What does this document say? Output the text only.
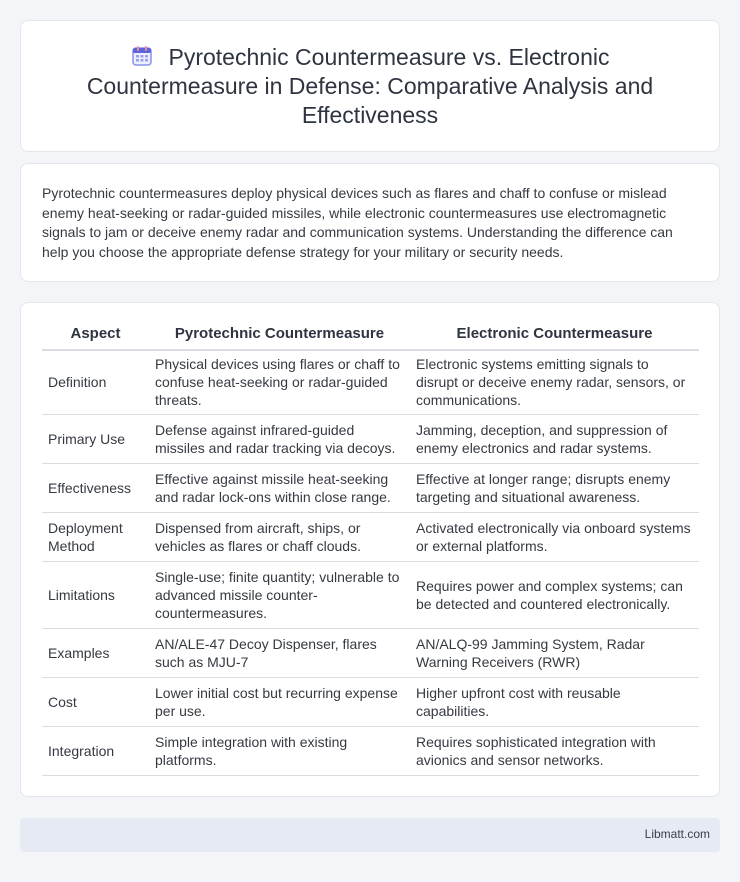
Pyrotechnic Countermeasure vs. Electronic Countermeasure in Defense: Comparative Analysis and Effectiveness

Pyrotechnic countermeasures deploy physical devices such as flares and chaff to confuse or mislead enemy heat-seeking or radar-guided missiles, while electronic countermeasures use electromagnetic signals to jam or deceive enemy radar and communication systems. Understanding the difference can help you choose the appropriate defense strategy for your military or security needs.

Aspect	Pyrotechnic Countermeasure	Electronic Countermeasure
Definition	Physical devices using flares or chaff to confuse heat-seeking or radar-guided threats.	Electronic systems emitting signals to disrupt or deceive enemy radar, sensors, or communications.
Primary Use	Defense against infrared-guided missiles and radar tracking via decoys.	Jamming, deception, and suppression of enemy electronics and radar systems.
Effectiveness	Effective against missile heat-seeking and radar lock-ons within close range.	Effective at longer range; disrupts enemy targeting and situational awareness.
Deployment Method	Dispensed from aircraft, ships, or vehicles as flares or chaff clouds.	Activated electronically via onboard systems or external platforms.
Limitations	Single-use; finite quantity; vulnerable to advanced missile counter-countermeasures.	Requires power and complex systems; can be detected and countered electronically.
Examples	AN/ALE-47 Decoy Dispenser, flares such as MJU-7	AN/ALQ-99 Jamming System, Radar Warning Receivers (RWR)
Cost	Lower initial cost but recurring expense per use.	Higher upfront cost with reusable capabilities.
Integration	Simple integration with existing platforms.	Requires sophisticated integration with avionics and sensor networks.
Libmatt.com
